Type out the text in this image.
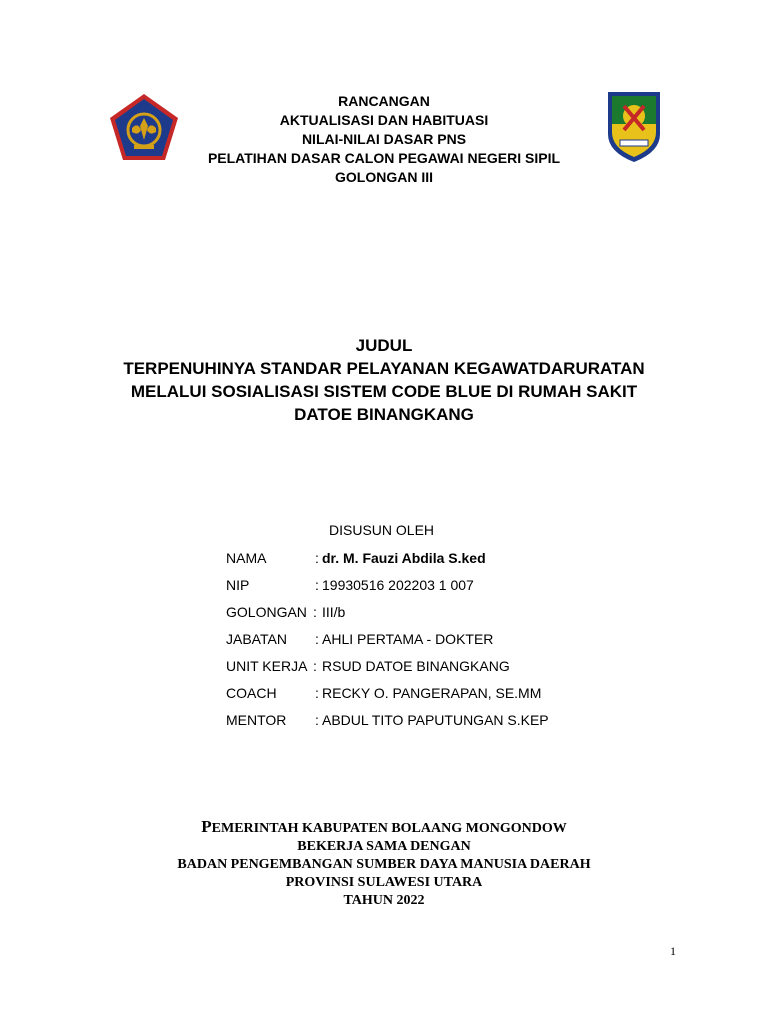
RANCANGAN
AKTUALISASI DAN HABITUASI
NILAI-NILAI DASAR PNS
PELATIHAN DASAR CALON PEGAWAI NEGERI SIPIL
GOLONGAN III
JUDUL
TERPENUHINYA STANDAR PELAYANAN KEGAWATDARURATAN
MELALUI SOSIALISASI SISTEM CODE BLUE DI RUMAH SAKIT
DATOE BINANGKANG
DISUSUN OLEH
NAMA	: dr. M. Fauzi Abdila S.ked
NIP	: 19930516 202203 1 007
GOLONGAN : III/b
JABATAN : AHLI PERTAMA - DOKTER
UNIT KERJA : RSUD DATOE BINANGKANG
COACH	: RECKY O. PANGERAPAN, SE.MM
MENTOR : ABDUL TITO PAPUTUNGAN S.KEP
PEMERINTAH KABUPATEN BOLAANG MONGONDOW
BEKERJA SAMA DENGAN
BADAN PENGEMBANGAN SUMBER DAYA MANUSIA DAERAH
PROVINSI SULAWESI UTARA
TAHUN 2022
1
